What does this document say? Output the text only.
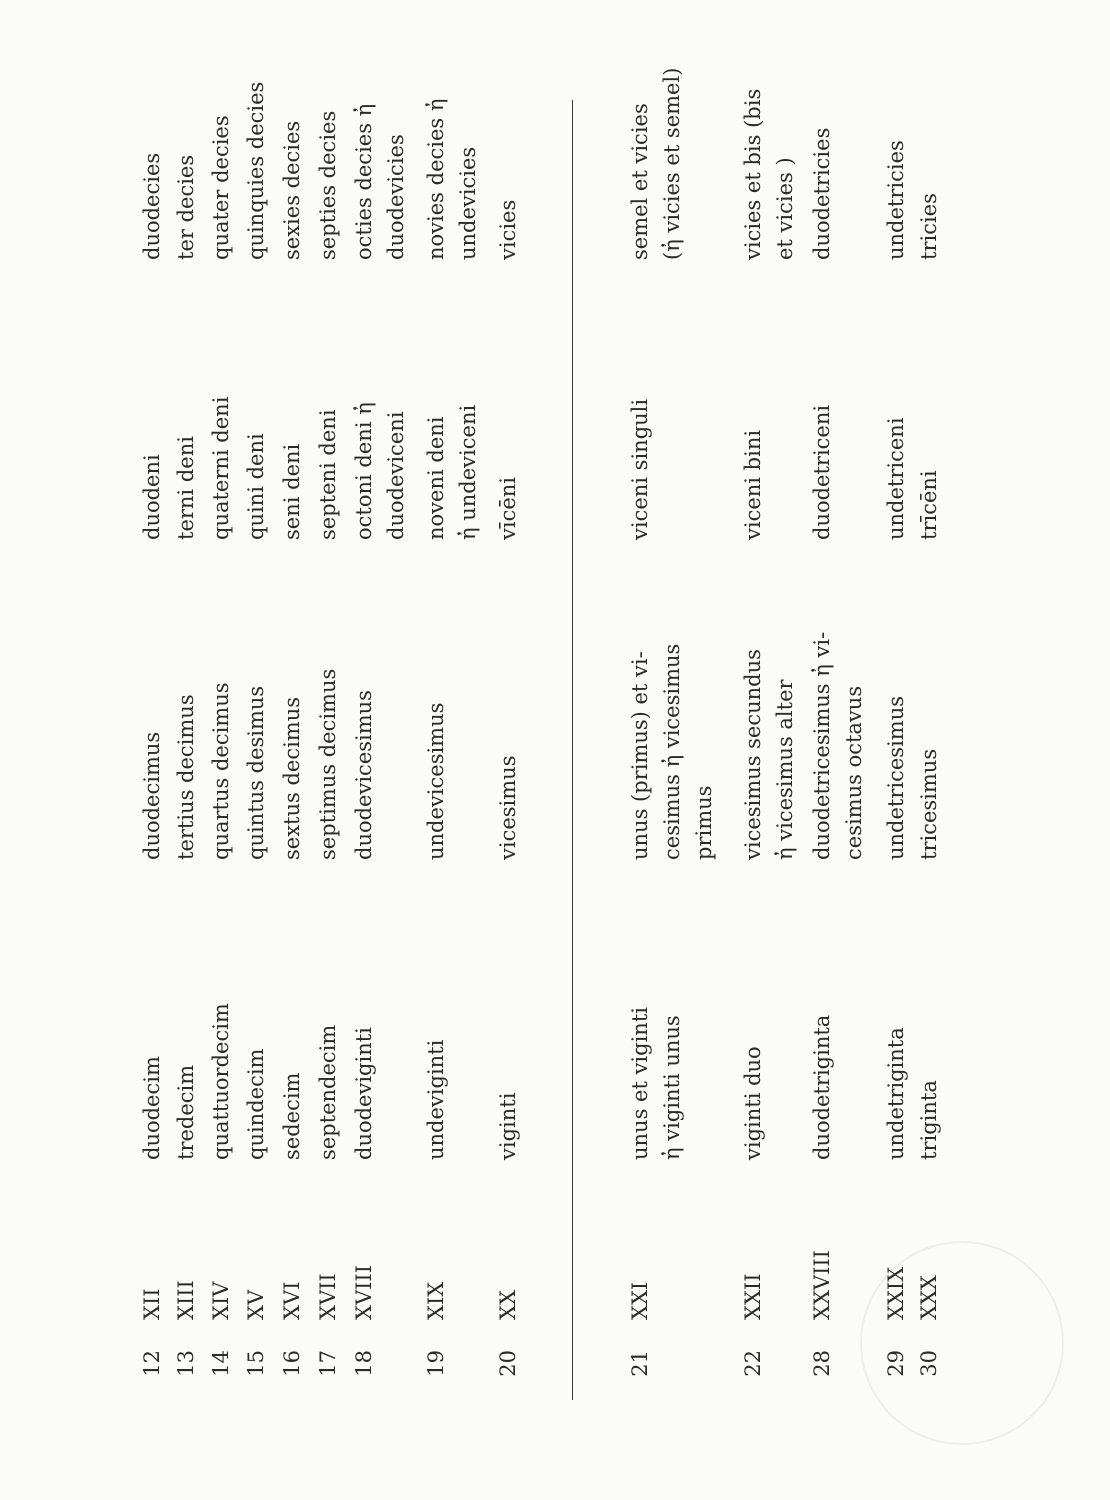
12
XII
duodecim
duodecimus
duodeni
duodecies
13
XIII
tredecim
tertius decimus
terni deni
ter decies
14
XIV
quattuordecim
quartus decimus
quaterni deni
quater decies
15
XV
quindecim
quintus desimus
quini deni
quinquies decies
16
XVI
sedecim
sextus decimus
seni deni
sexies decies
17
XVII
septendecim
septimus decimus
septeni deni
septies decies
18
XVIII
duodeviginti
duodevicesimus
octoni deni ἠ duodeviceni
octies decies ἠ duodevicies
19
XIX
undeviginti
undevicesimus
noveni deni ἠ undeviceni
novies decies ἠ undevicies
20
XX
viginti
vicesimus
vīcēni
vicies
21
XXI
unus et viginti ἠ viginti unus
unus (primus) et vi- cesimus ἠ vicesimus primus
viceni singuli
semel et vicies (ἠ vicies et semel)
22
XXII
viginti duo
vicesimus secundus ἠ vicesimus alter
viceni bini
vicies et bis (bis et vicies )
28
XXVIII
duodetriginta
duodetricesimus ἠ vi- cesimus octavus
duodetriceni
duodetricies
29
XXIX
undetriginta
undetricesimus
undetriceni
undetricies
30
XXX
triginta
tricesimus
trīcēni
tricies
